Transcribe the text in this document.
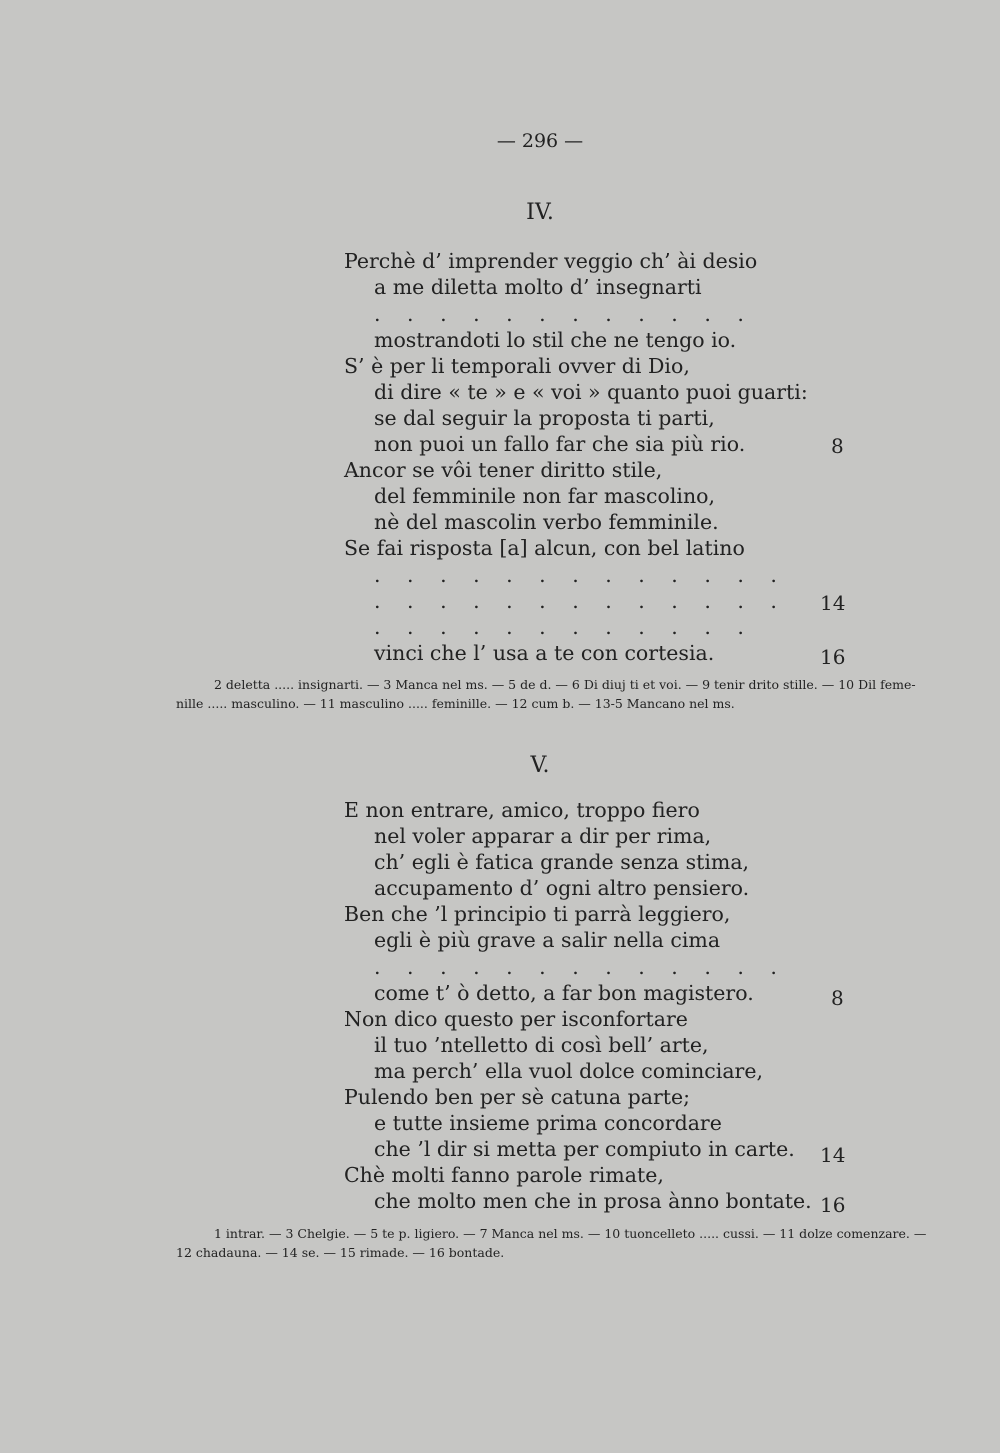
— 296 —
IV.
Perchè d’ imprender veggio ch’ ài desio
a me diletta molto d’ insegnarti
. . . . . . . . . . . .
mostrandoti lo stil che ne tengo io.
S’ è per li temporali ovver di Dio,
di dire « te » e « voi » quanto puoi guarti:
se dal seguir la proposta ti parti,
non puoi un fallo far che sia più rio.
Ancor se vôi tener diritto stile,
del femminile non far mascolino,
nè del mascolin verbo femminile.
Se fai risposta [a] alcun, con bel latino
. . . . . . . . . . . . .
. . . . . . . . . . . . .
. . . . . . . . . . . .
vinci che l’ usa a te con cortesia.
8
14
16
2 deletta ..... insignarti. — 3 Manca nel ms. — 5 de d. — 6 Di diuj ti et voi. — 9 tenir drito stille. — 10 Dil feme-
nille ..... masculino. — 11 masculino ..... feminille. — 12 cum b. — 13-5 Mancano nel ms.
V.
E non entrare, amico, troppo fiero
nel voler apparar a dir per rima,
ch’ egli è fatica grande senza stima,
accupamento d’ ogni altro pensiero.
Ben che ’l principio ti parrà leggiero,
egli è più grave a salir nella cima
. . . . . . . . . . . . .
come t’ ò detto, a far bon magistero.
Non dico questo per isconfortare
il tuo ’ntelletto di così bell’ arte,
ma perch’ ella vuol dolce cominciare,
Pulendo ben per sè catuna parte;
e tutte insieme prima concordare
che ’l dir si metta per compiuto in carte.
Chè molti fanno parole rimate,
che molto men che in prosa ànno bontate.
8
14
16
1 intrar. — 3 Chelgie. — 5 te p. ligiero. — 7 Manca nel ms. — 10 tuoncelleto ..... cussi. — 11 dolze comenzare. —
12 chadauna. — 14 se. — 15 rimade. — 16 bontade.
